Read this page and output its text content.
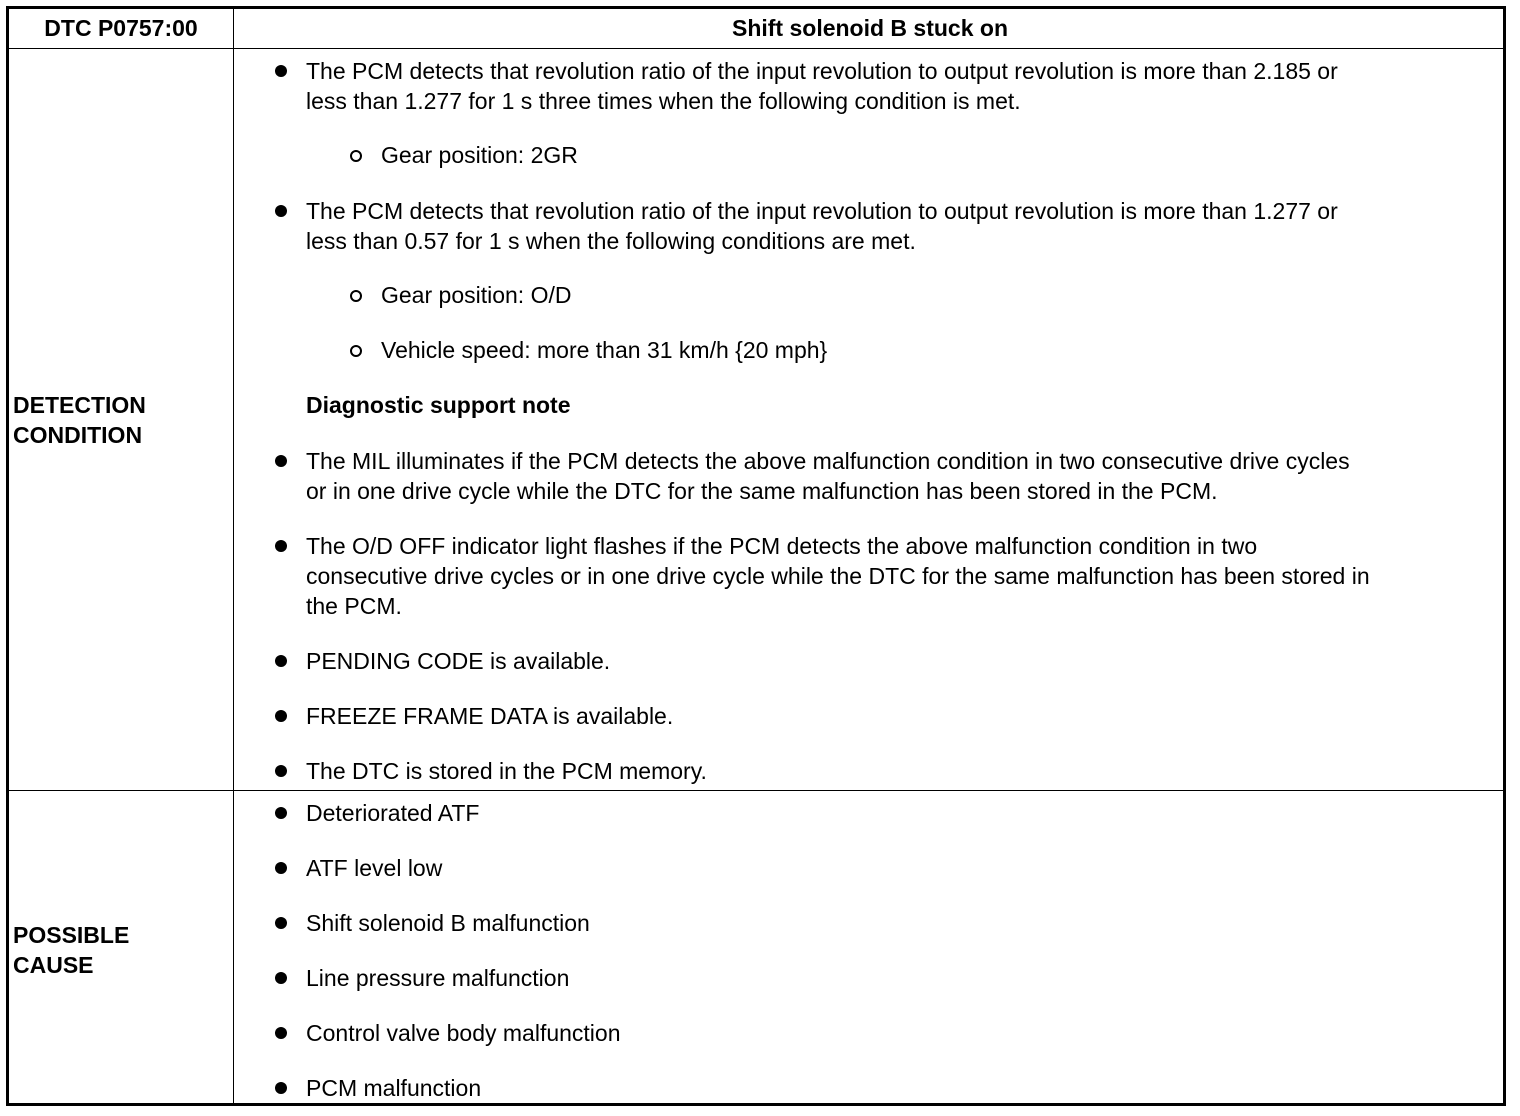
DTC P0757:00	Shift solenoid B stuck on
DETECTION
CONDITION
POSSIBLE
CAUSE
The PCM detects that revolution ratio of the input revolution to output revolution is more than 2.185 or
less than 1.277 for 1 s three times when the following condition is met.
Gear position: 2GR
The PCM detects that revolution ratio of the input revolution to output revolution is more than 1.277 or
less than 0.57 for 1 s when the following conditions are met.
Gear position: O/D
Vehicle speed: more than 31 km/h {20 mph}
Diagnostic support note
The MIL illuminates if the PCM detects the above malfunction condition in two consecutive drive cycles
or in one drive cycle while the DTC for the same malfunction has been stored in the PCM.
The O/D OFF indicator light flashes if the PCM detects the above malfunction condition in two
consecutive drive cycles or in one drive cycle while the DTC for the same malfunction has been stored in
the PCM.
PENDING CODE is available.
FREEZE FRAME DATA is available.
The DTC is stored in the PCM memory.
Deteriorated ATF
ATF level low
Shift solenoid B malfunction
Line pressure malfunction
Control valve body malfunction
PCM malfunction
